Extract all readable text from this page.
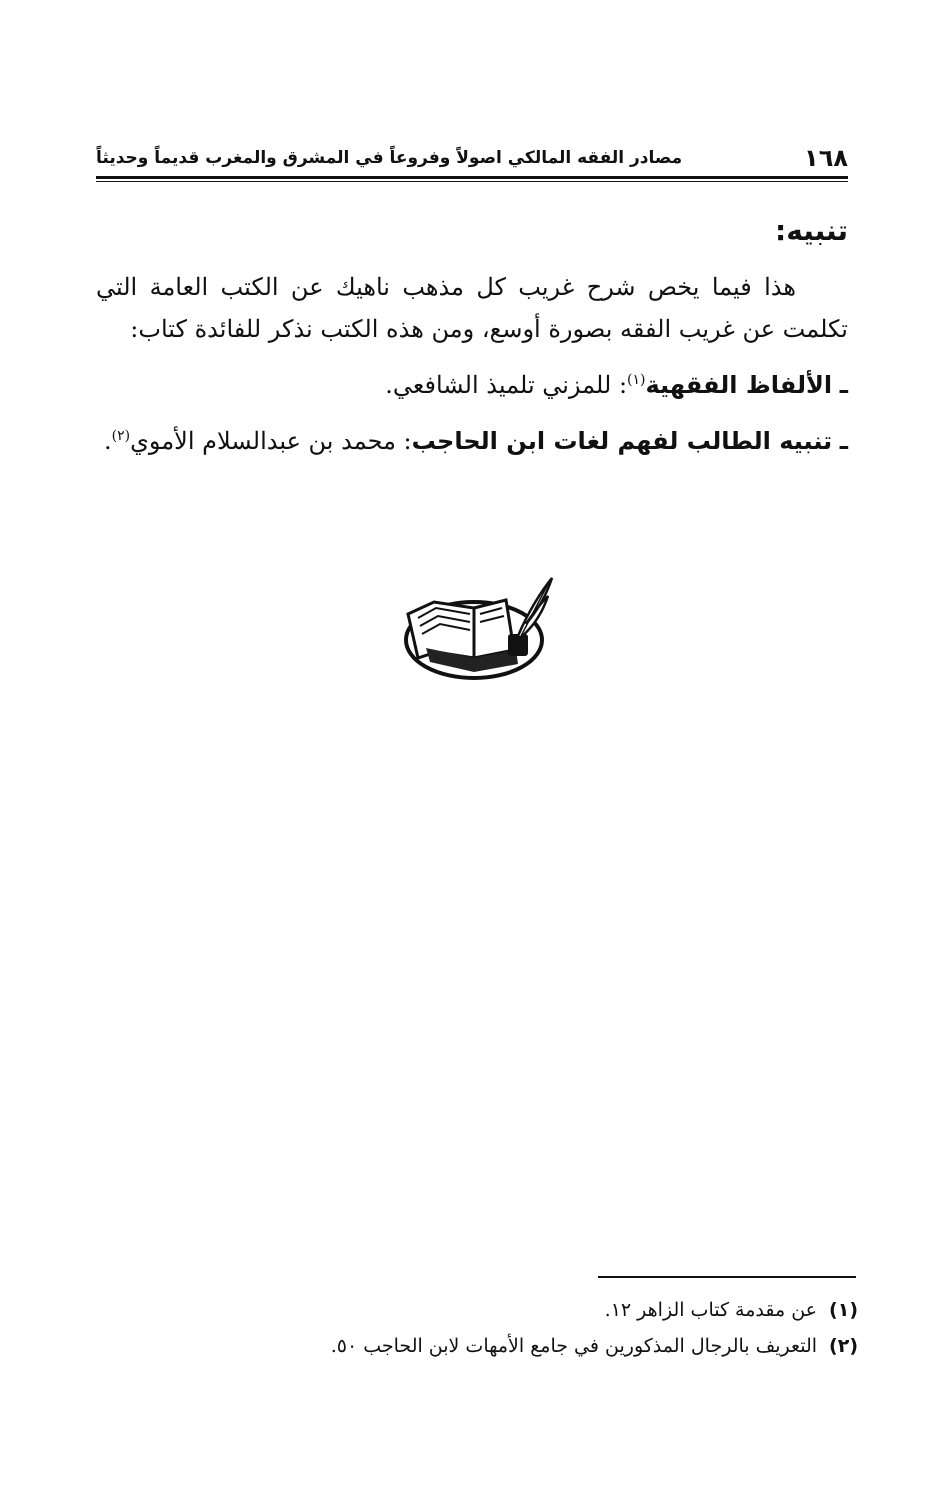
١٦٨
مصادر الفقه المالكي اصولاً وفروعاً في المشرق والمغرب قديماً وحديثاً
تنبيه:

هذا فيما يخص شرح غريب كل مذهب ناهيك عن الكتب العامة التي تكلمت عن غريب الفقه بصورة أوسع، ومن هذه الكتب نذكر للفائدة كتاب:

ـ الألفاظ الفقهية$^{(١)}$: للمزني تلميذ الشافعي.

ـ تنبيه الطالب لفهم لغات ابن الحاجب: محمد بن عبدالسلام الأموي$^{(٢)}$.

(١)
عن مقدمة كتاب الزاهر ١٢.

(٢)
التعريف بالرجال المذكورين في جامع الأمهات لابن الحاجب ٥٠.
